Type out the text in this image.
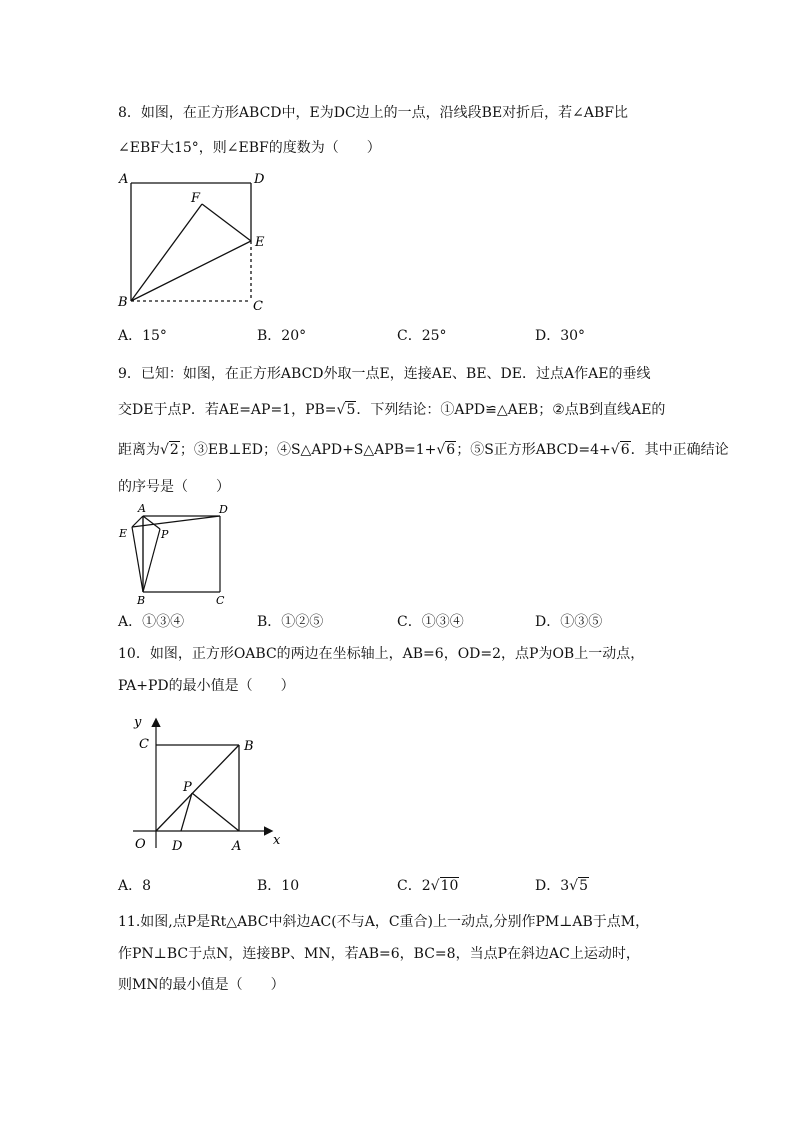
8．如图，在正方形ABCD中，E为DC边上的一点，沿线段BE对折后，若∠ABF比
∠EBF大15°，则∠EBF的度数为（　　）
A	D
F
E
B	C
A．15°	B．20°	C．25°	D．30°
9．已知：如图，在正方形ABCD外取一点E，连接AE、BE、DE．过点A作AE的垂线
交DE于点P．若AE=AP=1，PB=√5．下列结论：①APD≌△AEB；②点B到直线AE的
距离为√2；③EB⊥ED；④S△APD+S△APB=1+√6；⑤S正方形ABCD=4+√6．其中正确结论
的序号是（　　）
A	D
E	P
B	C
A．①③④	B．①②⑤	C．①③④	D．①③⑤
10．如图，正方形OABC的两边在坐标轴上，AB=6，OD=2，点P为OB上一动点，
PA+PD的最小值是（　　）
y
x
C	B
P
O D	A
A．8	B．10	C．2√10	D．3√5
11.如图,点P是Rt△ABC中斜边AC(不与A，C重合)上一动点,分别作PM⊥AB于点M，
作PN⊥BC于点N，连接BP、MN，若AB=6，BC=8，当点P在斜边AC上运动时，
则MN的最小值是（　　）
